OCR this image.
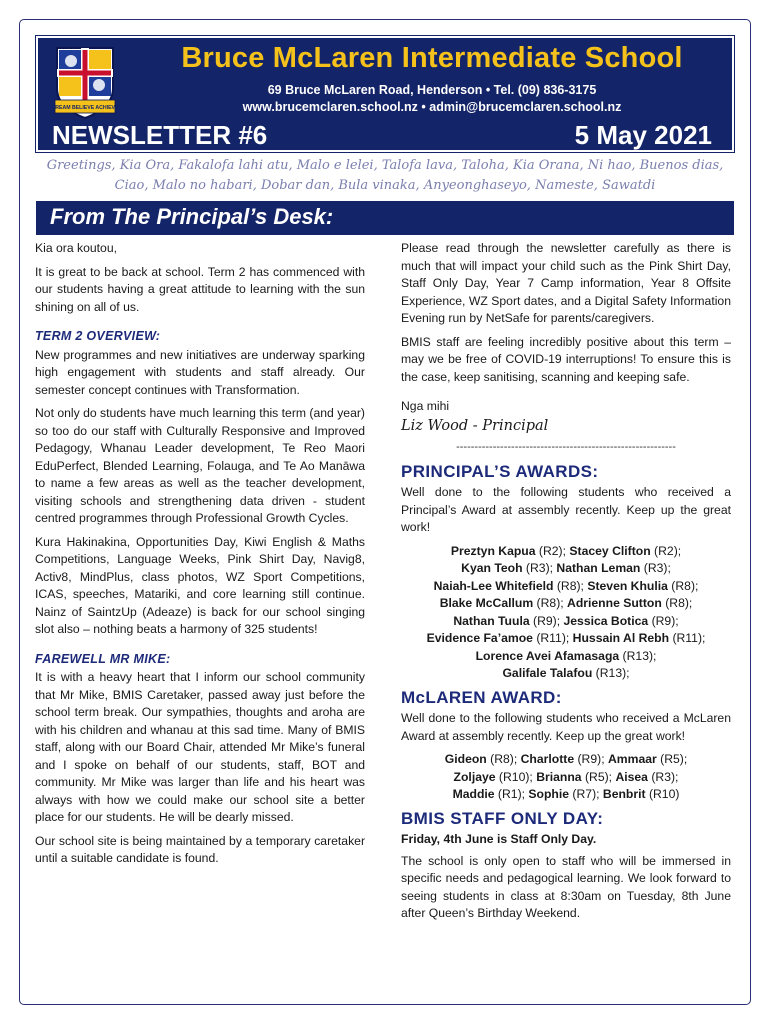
DREAM BELIEVE ACHIEVE
Bruce McLaren Intermediate School
69 Bruce McLaren Road, Henderson • Tel. (09) 836-3175
www.brucemclaren.school.nz • admin@brucemclaren.school.nz
NEWSLETTER #6	5 May 2021
Greetings, Kia Ora, Fakalofa lahi atu, Malo e lelei, Talofa lava, Taloha, Kia Orana, Ni hao, Buenos dias, Ciao, Malo no habari, Dobar dan, Bula vinaka, Anyeonghaseyo, Nameste, Sawatdi
From The Principal’s Desk:

Kia ora koutou,

It is great to be back at school. Term 2 has commenced with our students having a great attitude to learning with the sun shining on all of us.

TERM 2 OVERVIEW:

New programmes and new initiatives are underway sparking high engagement with students and staff already. Our semester concept continues with Transformation.

Not only do students have much learning this term (and year) so too do our staff with Culturally Responsive and Improved Pedagogy, Whanau Leader development, Te Reo Maori EduPerfect, Blended Learning, Folauga, and Te Ao Manāwa to name a few areas as well as the teacher development, visiting schools and strengthening data driven - student centred programmes through Professional Growth Cycles.

Kura Hakinakina, Opportunities Day, Kiwi English & Maths Competitions, Language Weeks, Pink Shirt Day, Navig8, Activ8, MindPlus, class photos, WZ Sport Competitions, ICAS, speeches, Matariki, and core learning still continue. Nainz of SaintzUp (Adeaze) is back for our school singing slot also – nothing beats a harmony of 325 students!

FAREWELL MR MIKE:

It is with a heavy heart that I inform our school community that Mr Mike, BMIS Caretaker, passed away just before the school term break. Our sympathies, thoughts and aroha are with his children and whanau at this sad time. Many of BMIS staff, along with our Board Chair, attended Mr Mike’s funeral and I spoke on behalf of our students, staff, BOT and community. Mr Mike was larger than life and his heart was always with how we could make our school site a better place for our students. He will be dearly missed.

Our school site is being maintained by a temporary caretaker until a suitable candidate is found.

Please read through the newsletter carefully as there is much that will impact your child such as the Pink Shirt Day, Staff Only Day, Year 7 Camp information, Year 8 Offsite Experience, WZ Sport dates, and a Digital Safety Information Evening run by NetSafe for parents/caregivers.

BMIS staff are feeling incredibly positive about this term – may we be free of COVID-19 interruptions! To ensure this is the case, keep sanitising, scanning and keeping safe.

Nga mihi
Liz Wood - Principal
------------------------------------------------------------
PRINCIPAL’S AWARDS:

Well done to the following students who received a Principal’s Award at assembly recently. Keep up the great work!

Preztyn Kapua (R2); Stacey Clifton (R2);
Kyan Teoh (R3); Nathan Leman (R3);
Naiah-Lee Whitefield (R8); Steven Khulia (R8);
Blake McCallum (R8); Adrienne Sutton (R8);
Nathan Tuula (R9); Jessica Botica (R9);
Evidence Fa’amoe (R11); Hussain Al Rebh (R11);
Lorence Avei Afamasaga (R13);
Galifale Talafou (R13);
McLAREN AWARD:

Well done to the following students who received a McLaren Award at assembly recently. Keep up the great work!

Gideon (R8); Charlotte (R9); Ammaar (R5);
Zoljaye (R10); Brianna (R5); Aisea (R3);
Maddie (R1); Sophie (R7); Benbrit (R10)
BMIS STAFF ONLY DAY:
Friday, 4th June is Staff Only Day.

The school is only open to staff who will be immersed in specific needs and pedagogical learning. We look forward to seeing students in class at 8:30am on Tuesday, 8th June after Queen’s Birthday Weekend.
